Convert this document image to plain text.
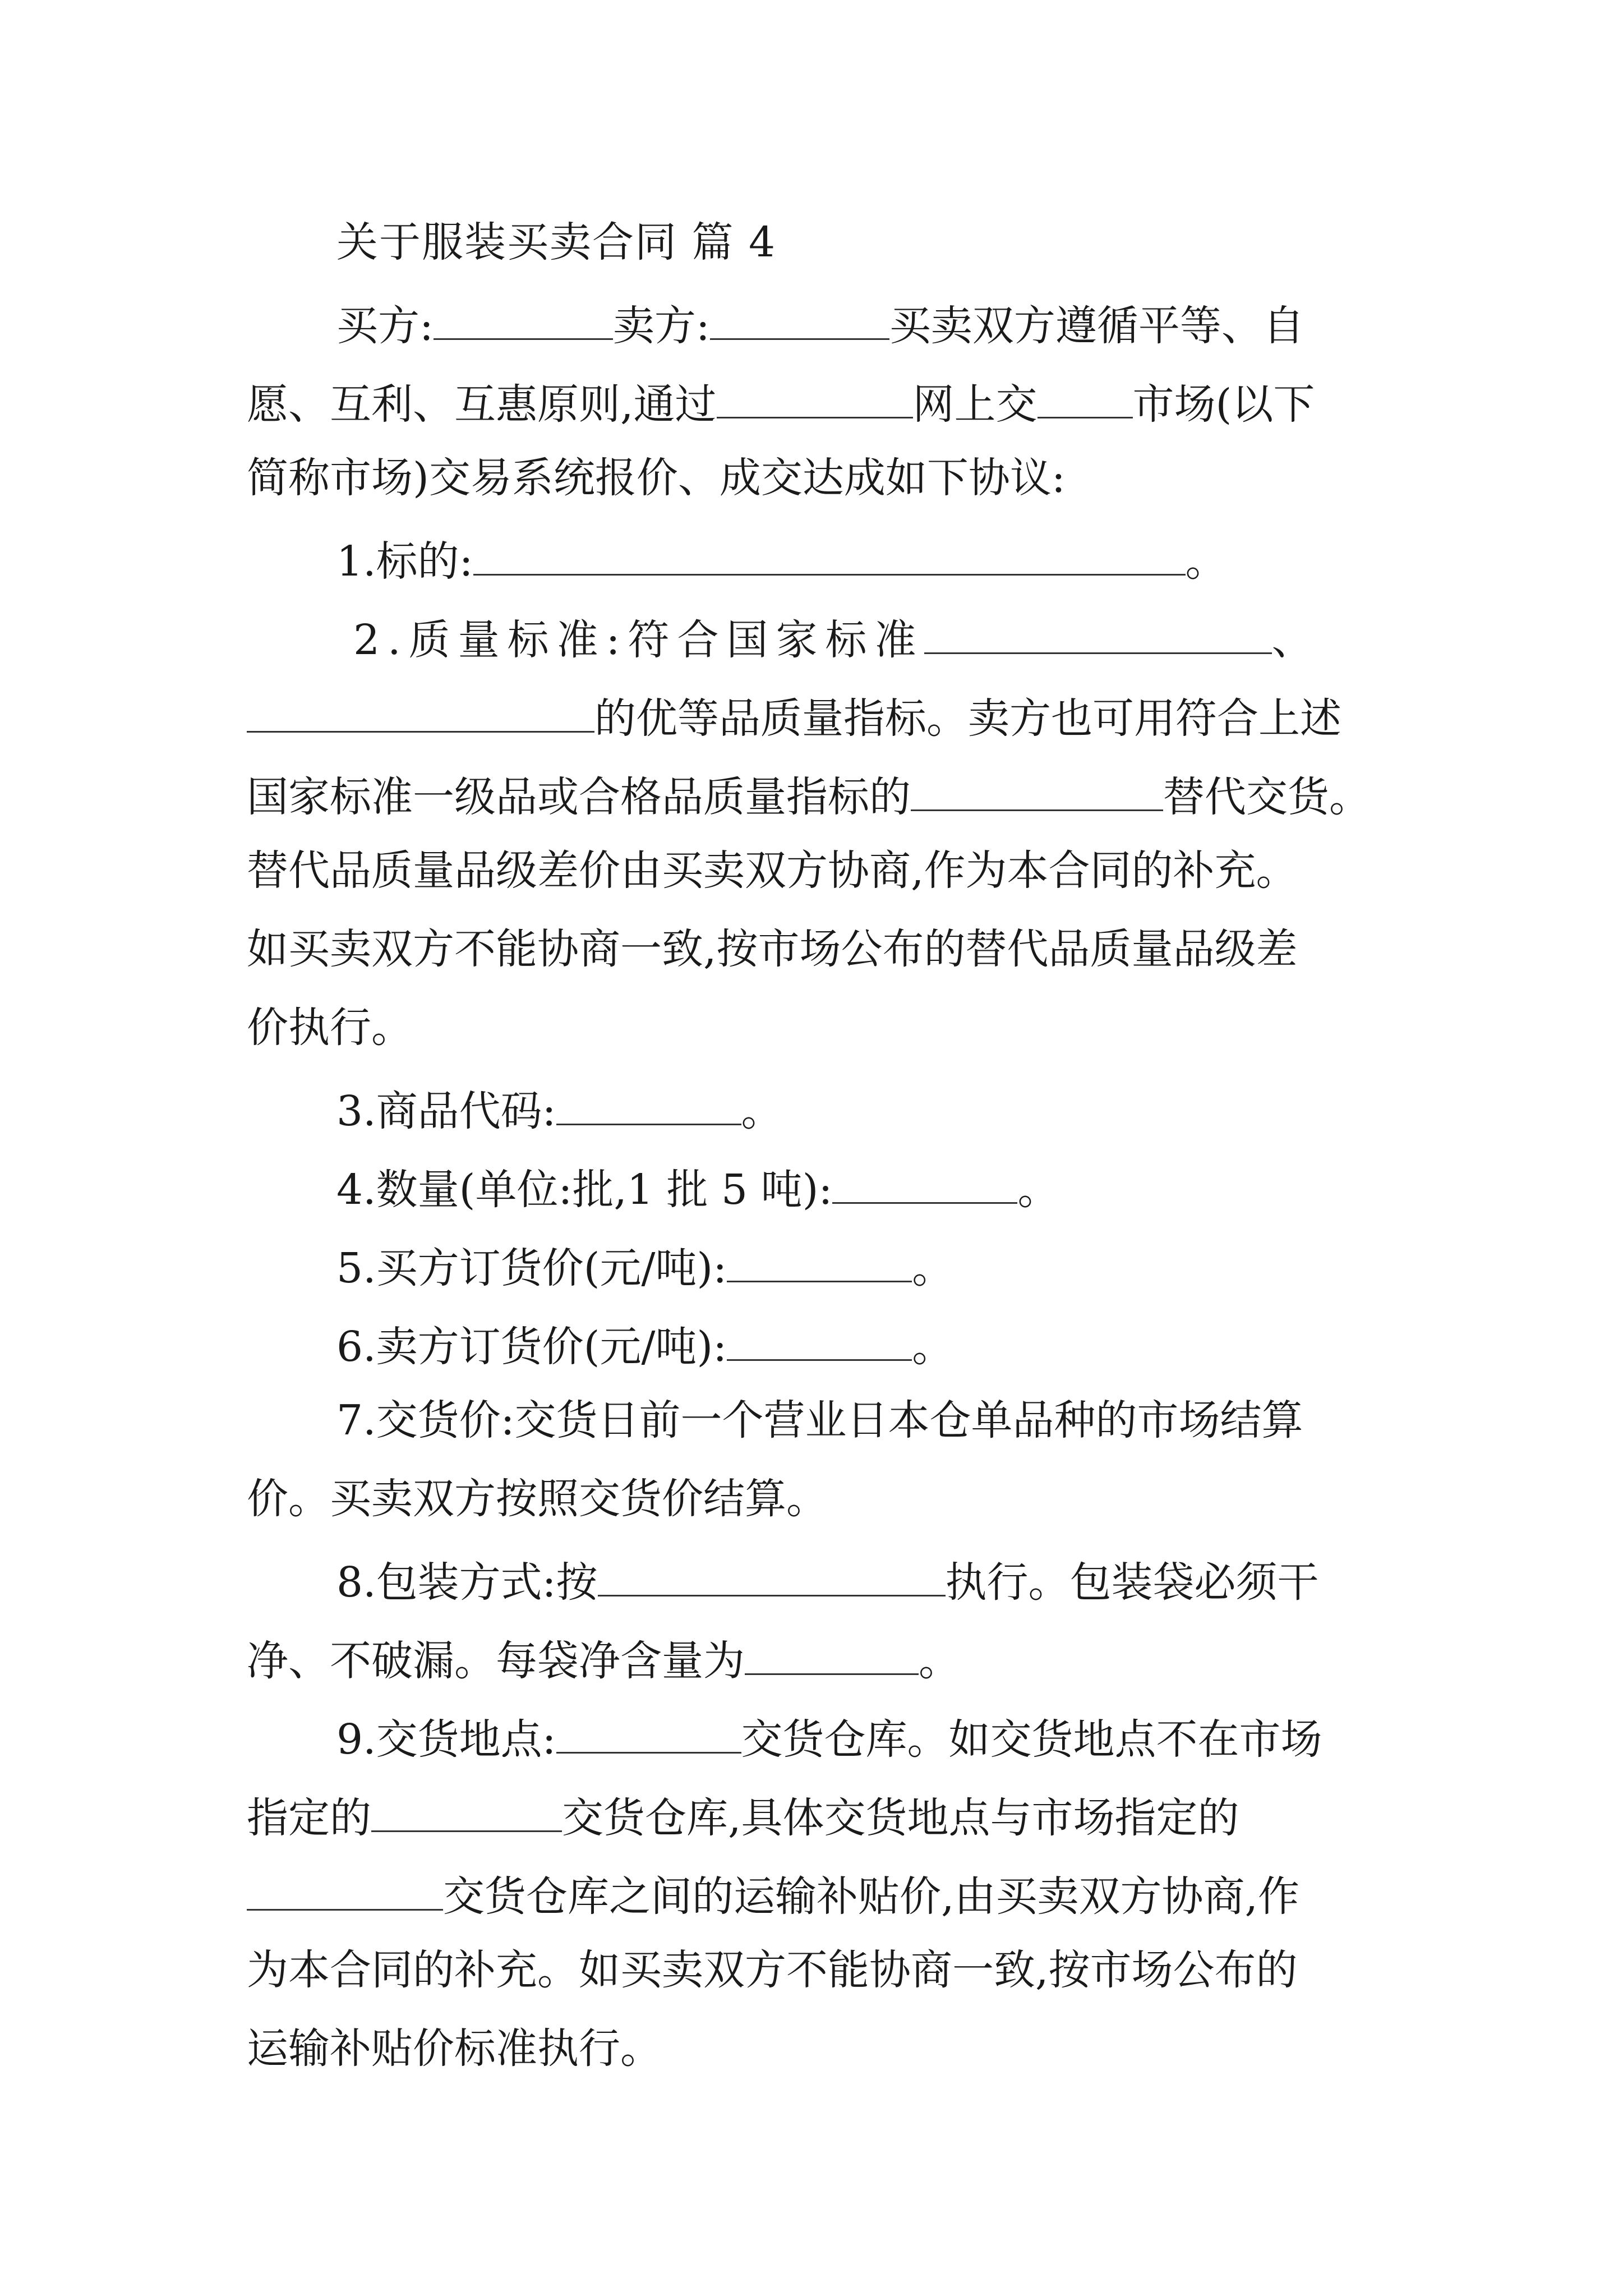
关于服装买卖合同 篇 4
买方:	卖方:	买卖双方遵循平等、自
愿、互利、互惠原则,通过	网上交 市场(以下
简称市场)交易系统报价、成交达成如下协议:
1.标的:	。
2.质量标准:符合国家标准	、
的优等品质量指标。卖方也可用符合上述
国家标准一级品或合格品质量指标的	替代交货。
替代品质量品级差价由买卖双方协商,作为本合同的补充。
如买卖双方不能协商一致,按市场公布的替代品质量品级差
价执行。
3.商品代码:	。
4.数量(单位:批,1 批 5 吨):	。
5.买方订货价(元/吨):	。
6.卖方订货价(元/吨):	。
7.交货价:交货日前一个营业日本仓单品种的市场结算
价。买卖双方按照交货价结算。
8.包装方式:按	执行。包装袋必须干
净、不破漏。每袋净含量为	。
9.交货地点:	交货仓库。如交货地点不在市场
指定的	交货仓库,具体交货地点与市场指定的
交货仓库之间的运输补贴价,由买卖双方协商,作
为本合同的补充。如买卖双方不能协商一致,按市场公布的
运输补贴价标准执行。
